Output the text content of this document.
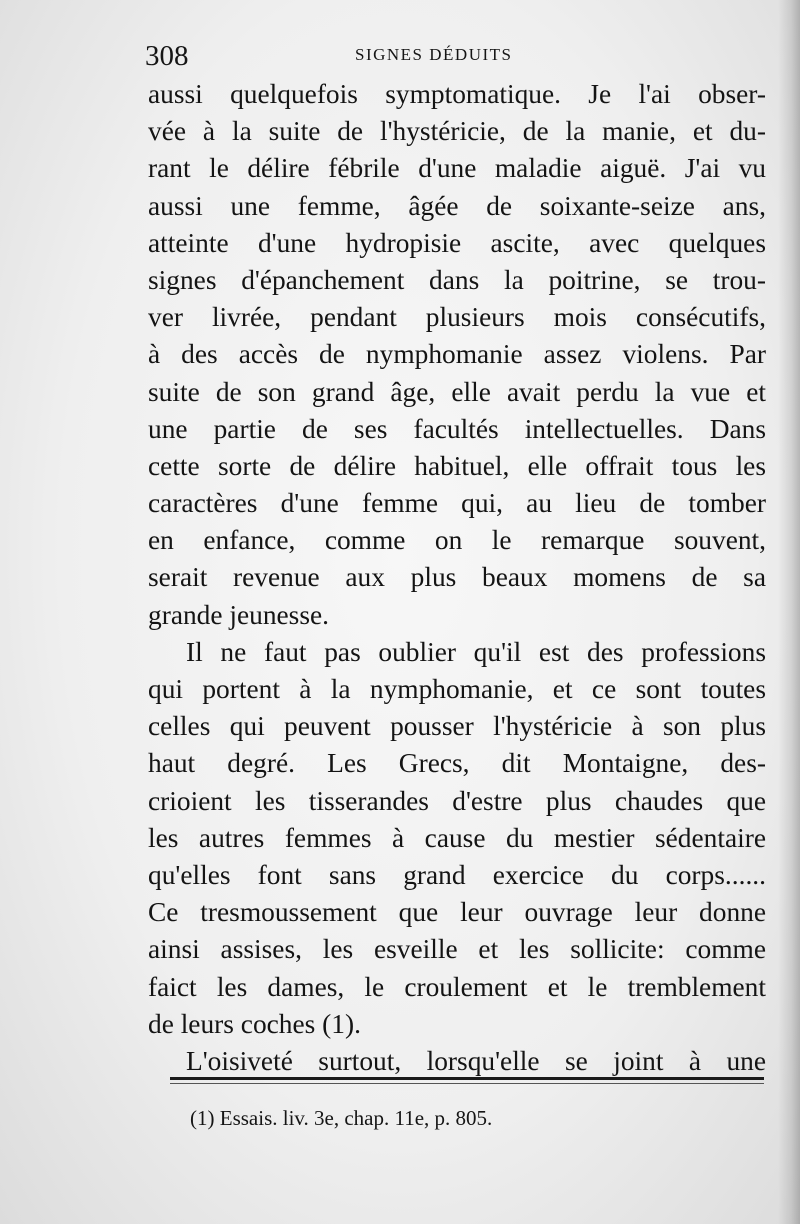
308	SIGNES DÉDUITS
aussi quelquefois symptomatique. Je l'ai obser-
vée à la suite de l'hystéricie, de la manie, et du-
rant le délire fébrile d'une maladie aiguë. J'ai vu
aussi une femme, âgée de soixante-seize ans,
atteinte d'une hydropisie ascite, avec quelques
signes d'épanchement dans la poitrine, se trou-
ver livrée, pendant plusieurs mois consécutifs,
à des accès de nymphomanie assez violens. Par
suite de son grand âge, elle avait perdu la vue et
une partie de ses facultés intellectuelles. Dans
cette sorte de délire habituel, elle offrait tous les
caractères d'une femme qui, au lieu de tomber
en enfance, comme on le remarque souvent,
serait revenue aux plus beaux momens de sa
grande jeunesse.
Il ne faut pas oublier qu'il est des professions
qui portent à la nymphomanie, et ce sont toutes
celles qui peuvent pousser l'hystéricie à son plus
haut degré. Les Grecs, dit Montaigne, des-
crioient les tisserandes d'estre plus chaudes que
les autres femmes à cause du mestier sédentaire
qu'elles font sans grand exercice du corps......
Ce tresmoussement que leur ouvrage leur donne
ainsi assises, les esveille et les sollicite: comme
faict les dames, le croulement et le tremblement
de leurs coches (1).
L'oisiveté surtout, lorsqu'elle se joint à une
(1) Essais. liv. 3e, chap. 11e, p. 805.
